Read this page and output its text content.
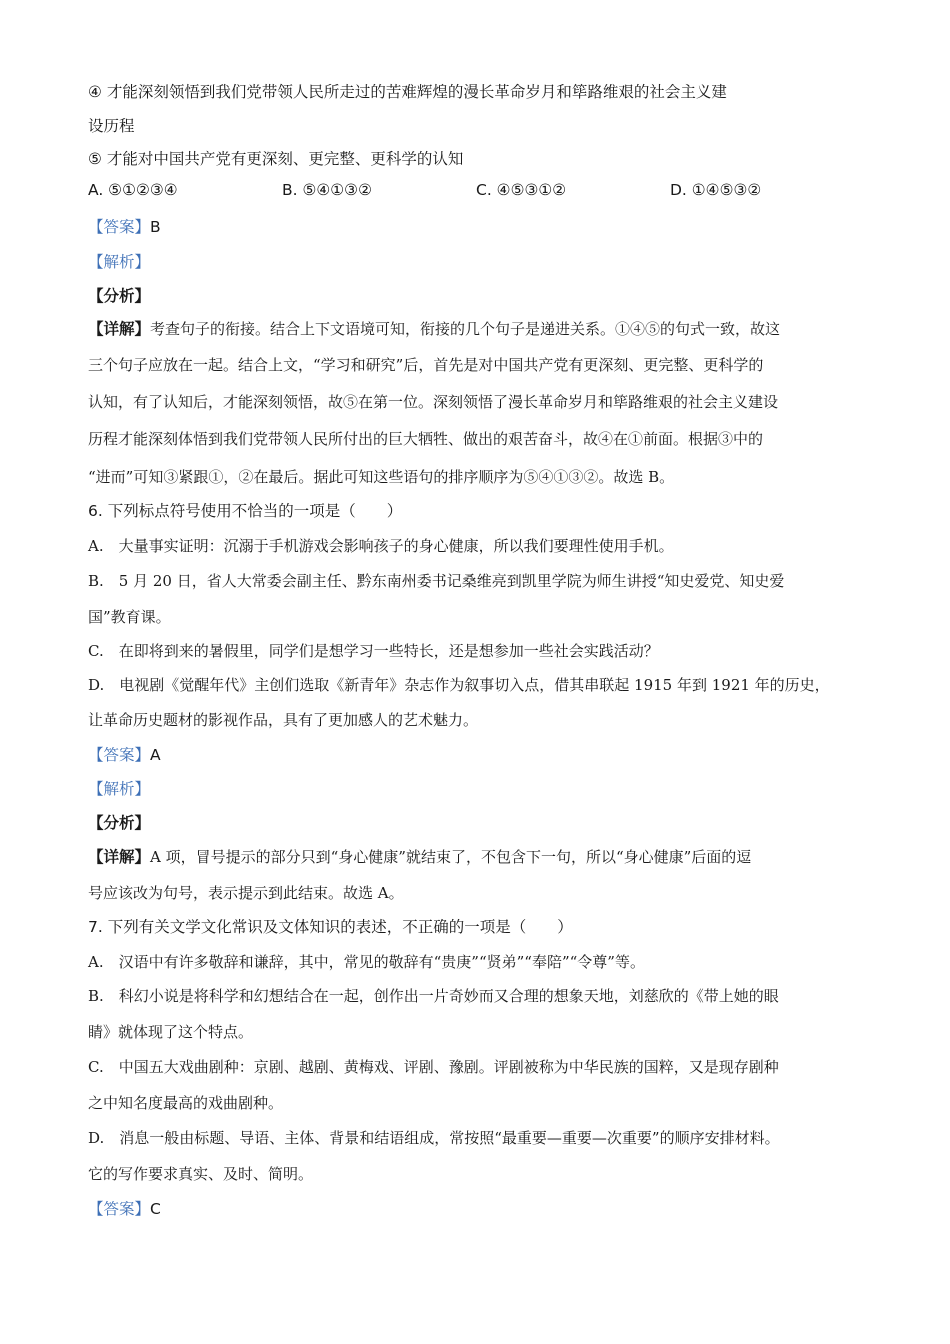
④ 才能深刻领悟到我们党带领人民所走过的苦难辉煌的漫长革命岁月和筚路维艰的社会主义建
设历程
⑤ 才能对中国共产党有更深刻、更完整、更科学的认知
A. ⑤①②③④	B. ⑤④①③②	C. ④⑤③①②	D. ①④⑤③②
【答案】B
【解析】
【分析】
【详解】考查句子的衔接。结合上下文语境可知，衔接的几个句子是递进关系。①④⑤的句式一致，故这
三个句子应放在一起。结合上文，“学习和研究”后，首先是对中国共产党有更深刻、更完整、更科学的
认知，有了认知后，才能深刻领悟，故⑤在第一位。深刻领悟了漫长革命岁月和筚路维艰的社会主义建设
历程才能深刻体悟到我们党带领人民所付出的巨大牺牲、做出的艰苦奋斗，故④在①前面。根据③中的
“进而”可知③紧跟①，②在最后。据此可知这些语句的排序顺序为⑤④①③②。故选 B。
6. 下列标点符号使用不恰当的一项是（　　）
A.　大量事实证明：沉溺于手机游戏会影响孩子的身心健康，所以我们要理性使用手机。
B.　5 月 20 日，省人大常委会副主任、黔东南州委书记桑维亮到凯里学院为师生讲授“知史爱党、知史爱
国”教育课。
C.　在即将到来的暑假里，同学们是想学习一些特长，还是想参加一些社会实践活动？
D.　电视剧《觉醒年代》主创们选取《新青年》杂志作为叙事切入点，借其串联起 1915 年到 1921 年的历史，
让革命历史题材的影视作品，具有了更加感人的艺术魅力。
【答案】A
【解析】
【分析】
【详解】A 项，冒号提示的部分只到“身心健康”就结束了，不包含下一句，所以“身心健康”后面的逗
号应该改为句号，表示提示到此结束。故选 A。
7. 下列有关文学文化常识及文体知识的表述，不正确的一项是（　　）
A.　汉语中有许多敬辞和谦辞，其中，常见的敬辞有“贵庚”“贤弟”“奉陪”“令尊”等。
B.　科幻小说是将科学和幻想结合在一起，创作出一片奇妙而又合理的想象天地，刘慈欣的《带上她的眼
睛》就体现了这个特点。
C.　中国五大戏曲剧种：京剧、越剧、黄梅戏、评剧、豫剧。评剧被称为中华民族的国粹，又是现存剧种
之中知名度最高的戏曲剧种。
D.　消息一般由标题、导语、主体、背景和结语组成，常按照“最重要—重要—次重要”的顺序安排材料。
它的写作要求真实、及时、简明。
【答案】C
